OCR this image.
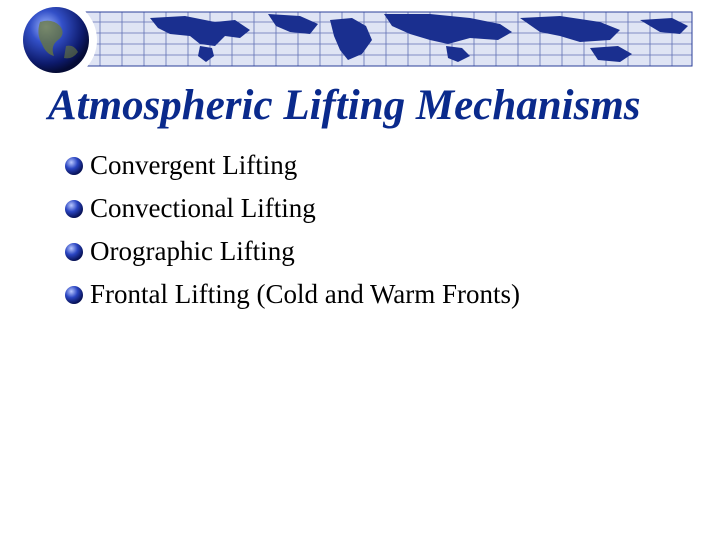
Atmospheric Lifting Mechanisms
Convergent Lifting
Convectional Lifting
Orographic Lifting
Frontal Lifting (Cold and Warm Fronts)
